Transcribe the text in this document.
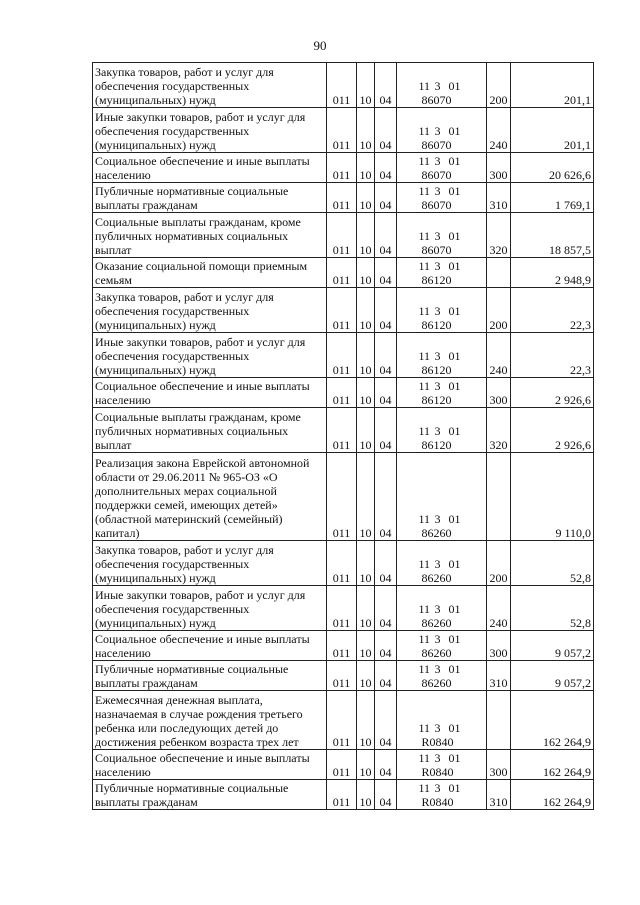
90
Закупка товаров, работ и услуг для обеспечения государственных (муниципальных) нужд	011	10	04	11 3 0186070	200	201,1
Иные закупки товаров, работ и услуг для обеспечения государственных (муниципальных) нужд	011	10	04	11 3 0186070	240	201,1
Социальное обеспечение и иные выплаты населению	011	10	04	11 3 0186070	300	20 626,6
Публичные нормативные социальные выплаты гражданам	011	10	04	11 3 0186070	310	1 769,1
Социальные выплаты гражданам, кроме публичных нормативных социальных выплат	011	10	04	11 3 0186070	320	18 857,5
Оказание социальной помощи приемным семьям	011	10	04	11 3 0186120		2 948,9
Закупка товаров, работ и услуг для обеспечения государственных (муниципальных) нужд	011	10	04	11 3 0186120	200	22,3
Иные закупки товаров, работ и услуг для обеспечения государственных (муниципальных) нужд	011	10	04	11 3 0186120	240	22,3
Социальное обеспечение и иные выплаты населению	011	10	04	11 3 0186120	300	2 926,6
Социальные выплаты гражданам, кроме публичных нормативных социальных выплат	011	10	04	11 3 0186120	320	2 926,6
Реализация закона Еврейской автономной области от 29.06.2011 № 965-ОЗ «О дополнительных мерах социальной поддержки семей, имеющих детей» (областной материнский (семейный) капитал)	011	10	04	11 3 0186260		9 110,0
Закупка товаров, работ и услуг для обеспечения государственных (муниципальных) нужд	011	10	04	11 3 0186260	200	52,8
Иные закупки товаров, работ и услуг для обеспечения государственных (муниципальных) нужд	011	10	04	11 3 0186260	240	52,8
Социальное обеспечение и иные выплаты населению	011	10	04	11 3 0186260	300	9 057,2
Публичные нормативные социальные выплаты гражданам	011	10	04	11 3 0186260	310	9 057,2
Ежемесячная денежная выплата, назначаемая в случае рождения третьего ребенка или последующих детей до достижения ребенком возраста трех лет	011	10	04	11 3 01R0840		162 264,9
Социальное обеспечение и иные выплаты населению	011	10	04	11 3 01R0840	300	162 264,9
Публичные нормативные социальные выплаты гражданам	011	10	04	11 3 01R0840	310	162 264,9
